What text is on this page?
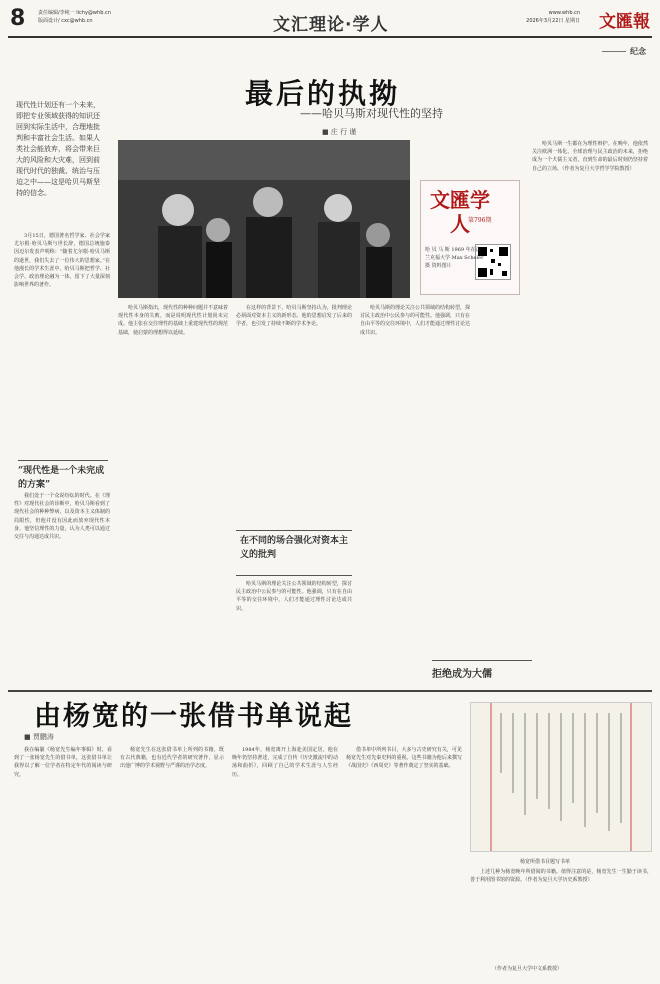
8	责任编辑/李纯一 lichy@whb.cn
版面设计/ cxc@whb.cn	文汇理论·学人
www.whb.cn
2026年3月22日 星期日 文匯報
纪念
最后的执拗
——哈贝马斯对现代性的坚持
■ 庄 行 谨
现代性计划还有一个未来，即把专业领域获得的知识还回到实际生活中，合理地批判和丰富社会生活。如果人类社会能放弃，将会带来巨大的风险和大灾难，回到前现代时代的独裁、统治与压迫之中——这是哈贝马斯坚持的信念。	文匯学人
第796期
哈 贝 马 斯 1969 年在法兰克福大学 Max Scheler 摄 资料图片

3月15日，德国著名哲学家、社会学家尤尔根·哈贝马斯与世长辞，德国总统施泰因迈尔发表声明称：“随着尤尔根·哈贝马斯的逝世，我们失去了一位伟大的思想家。”在他漫长的学术生涯中，哈贝马斯把哲学、社会学、政治理论融为一体，留下了大量深刻影响世界的著作。

“现代性是一个未完成的方案”

我们处于一个众说纷纭的时代。在《理性》对现代社会的诊断中，哈贝马斯看到了现代社会的种种弊病，以及资本主义体制的局限性，但他并没有因此而放弃现代性本身。他坚信理性的力量，认为人类可以通过交往与沟通达成共识。

哈贝马斯指出，现代性的种种问题并不意味着现代性本身的失败，而是说明现代性计划尚未完成。他主张在交往理性的基础上重建现代性的规范基础，使启蒙的理想得以延续。

在这样的背景下，哈贝马斯坚持认为，批判理论必须面对资本主义的新形态。他的思想启发了后来的学者，也引发了持续不断的学术争论。

在不同的场合强化对资本主义的批判

哈贝马斯的理论关注公共领域的结构转型，探讨民主政治中公民参与的可能性。他强调，只有在自由平等的交往环境中，人们才能通过理性讨论达成共识。

哈贝马斯的理论关注公共领域的结构转型，探讨民主政治中公民参与的可能性。他强调，只有在自由平等的交往环境中，人们才能通过理性讨论达成共识。

哈贝马斯一生都在为理性辩护。在晚年，他依然关注欧洲一体化、全球治理与民主政治的未来，拒绝成为一个犬儒主义者，直到生命的最后时刻仍坚持着自己的立场。（作者为复旦大学哲学学院教授）

拒绝成为大儒
由杨宽的一张借书单说起
■ 贾鹏涛

我在编纂《杨宽先生编年事辑》时，看到了一张杨宽先生的借书单，这张借书单让我得以了解一位学者在特定年代的阅读与研究。

杨宽先生在这张借书单上所列的书籍，既有古代典籍，也有近代学者的研究著作，显示出他广博的学术视野与严谨的治学态度。

1984年，杨宽离开上海赴美国定居。他在晚年仍坚持著述，完成了自传《历史激流中的动荡和曲折》，回顾了自己的学术生涯与人生经历。

借书单中所列书目，大多与古史研究有关，可见杨宽先生对先秦史料的重视。这些书籍为他后来撰写《战国史》《西周史》等著作奠定了坚实的基础。

杨宽所借书目题写书单

上述几种为杨宽晚年所借阅的书籍。值得注意的是，杨宽先生一生勤于读书，善于利用图书馆的资源。（作者为复旦大学历史系教授）

（作者为复旦大学中文系教授）
